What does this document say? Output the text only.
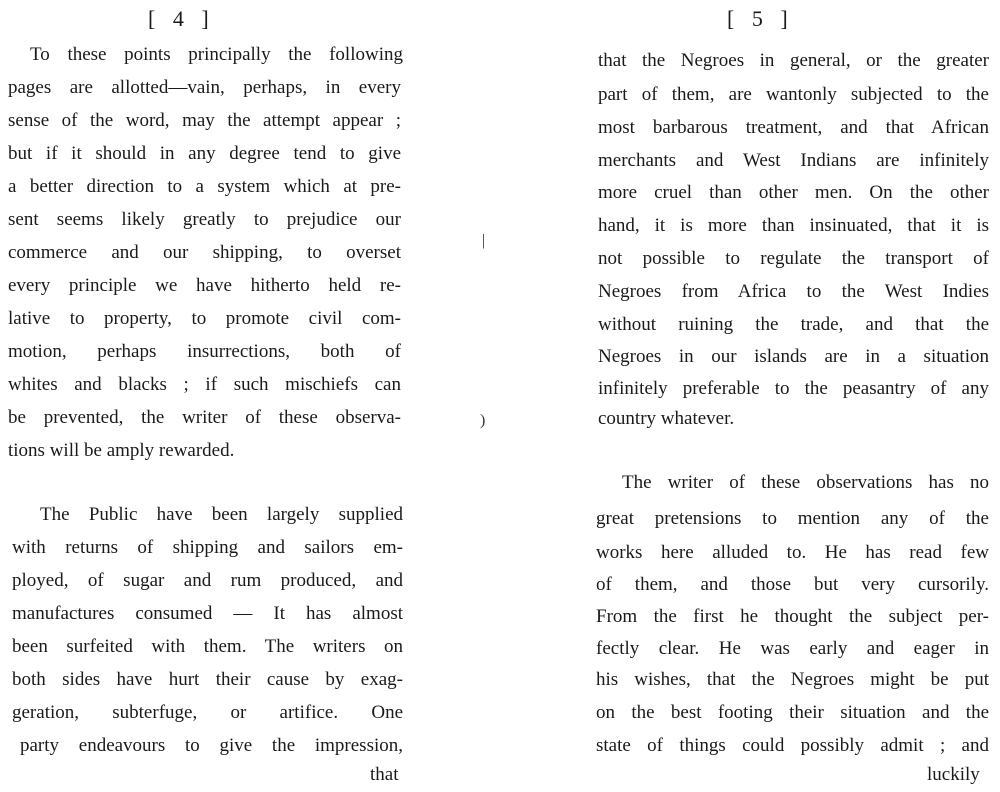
[ 4 ]
To these points principally the following
pages are allotted—vain, perhaps, in every
sense of the word, may the attempt appear ;
but if it should in any degree tend to give
a better direction to a system which at pre-
sent seems likely greatly to prejudice our
commerce and our shipping, to overset
every principle we have hitherto held re-
lative to property, to promote civil com-
motion, perhaps insurrections, both of
whites and blacks ; if such mischiefs can
be prevented, the writer of these observa-
tions will be amply rewarded.
The Public have been largely supplied
with returns of shipping and sailors em-
ployed, of sugar and rum produced, and
manufactures consumed — It has almost
been surfeited with them. The writers on
both sides have hurt their cause by exag-
geration, subterfuge, or artifice. One
party endeavours to give the impression,
that
|
)
[ 5 ]
that the Negroes in general, or the greater
part of them, are wantonly subjected to the
most barbarous treatment, and that African
merchants and West Indians are infinitely
more cruel than other men. On the other
hand, it is more than insinuated, that it is
not possible to regulate the transport of
Negroes from Africa to the West Indies
without ruining the trade, and that the
Negroes in our islands are in a situation
infinitely preferable to the peasantry of any
country whatever.
The writer of these observations has no
great pretensions to mention any of the
works here alluded to. He has read few
of them, and those but very cursorily.
From the first he thought the subject per-
fectly clear. He was early and eager in
his wishes, that the Negroes might be put
on the best footing their situation and the
state of things could possibly admit ; and
luckily
